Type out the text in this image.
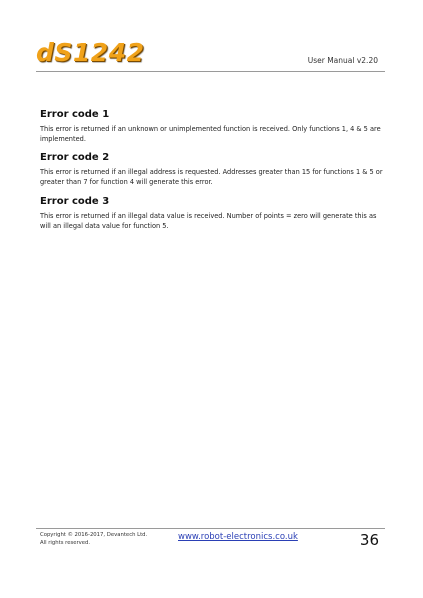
dS1242	User Manual v2.20
Error code 1

This error is returned if an unknown or unimplemented function is received. Only functions 1, 4 & 5 are implemented.

Error code 2

This error is returned if an illegal address is requested. Addresses greater than 15 for functions 1 & 5 or greater than 7 for function 4 will generate this error.

Error code 3

This error is returned if an illegal data value is received. Number of points = zero will generate this as will an illegal data value for function 5.

Copyright © 2016-2017, Devantech Ltd.
All rights reserved.
www.robot-electronics.co.uk	36
